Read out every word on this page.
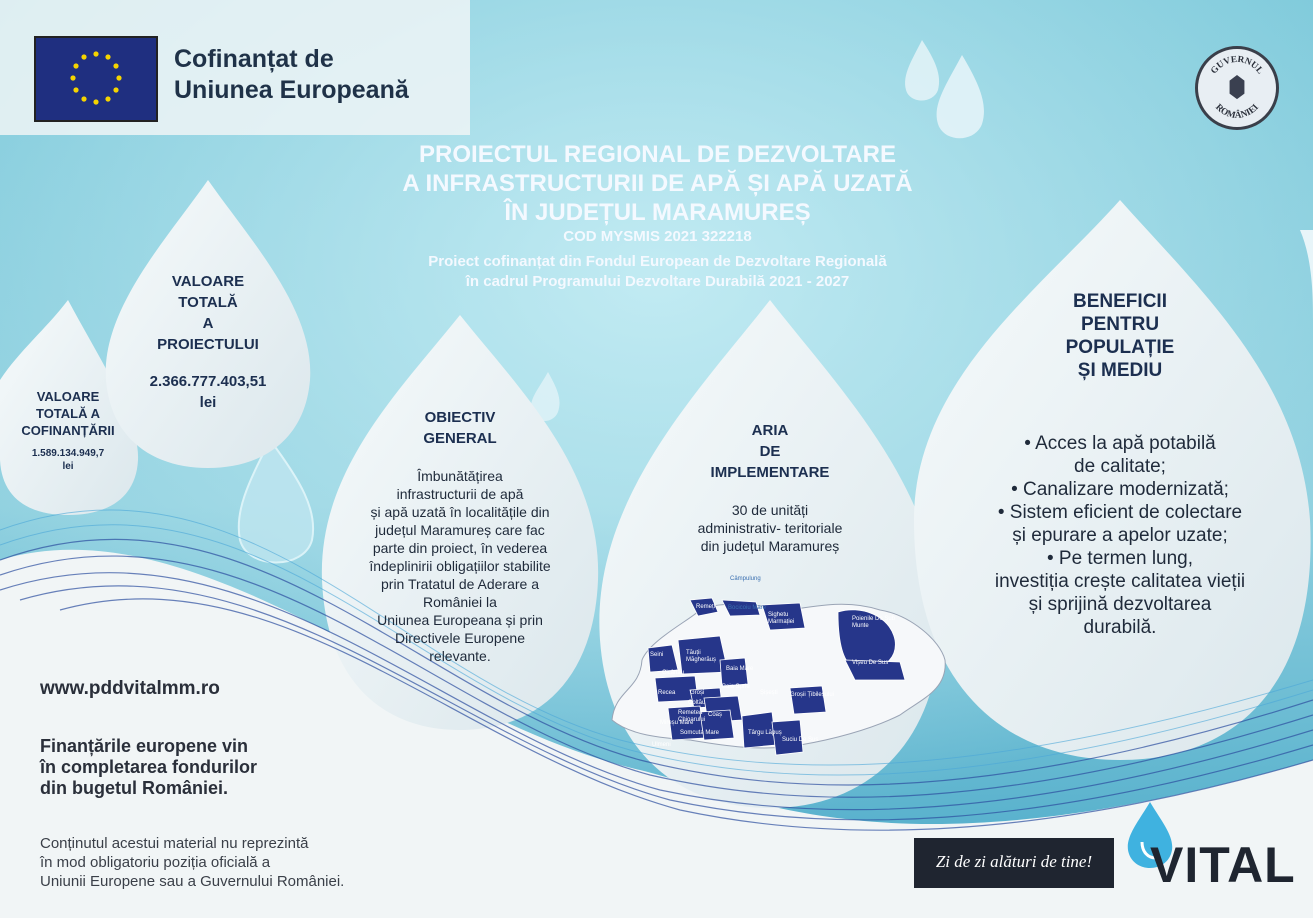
Cofinanțat de
Uniunea Europeană
GUVERNUL
ROMÂNIEI
PROIECTUL REGIONAL DE DEZVOLTARE
A INFRASTRUCTURII DE APĂ ȘI APĂ UZATĂ
ÎN JUDEȚUL MARAMUREȘ
COD MYSMIS 2021 322218
Proiect cofinanțat din Fondul European de Dezvoltare Regională
în cadrul Programului Dezvoltare Durabilă 2021 - 2027
VALOARE
TOTALĂ A
COFINANȚĂRII
1.589.134.949,7
lei
VALOARE
TOTALĂ
A
PROIECTULUI
2.366.777.403,51
lei
OBIECTIV
GENERAL
Îmbunătățirea
infrastructurii de apă
și apă uzată în localitățile din
județul Maramureș care fac
parte din proiect, în vederea
îndeplinirii obligațiilor stabilite
prin Tratatul de Aderare a
României la
Uniunea Europeana și prin
Directivele Europene
relevante.
ARIA
DE
IMPLEMENTARE
30 de unități
administrativ- teritoriale
din județul Maramureș
Câmpulung
Remeți Bocicoiu Mare
Sighetu Marmației	Poienile De Sub Munte
Seini	Tăuții Măgherăuș
Baia Mare
Baia Sprie
Vișeu De Sus
Cicârlău
Recea Groși
Coltău
Șișești
Remetea Chioarului
Coaș
Groșii Țibileșului
Mireșu Mare
Somcuta Mare
Ulmeni
Târgu Lăpuș
Suciu De Sus
BENEFICII
PENTRU
POPULAȚIE
ȘI MEDIU
• Acces la apă potabilă
de calitate;
• Canalizare modernizată;
• Sistem eficient de colectare
și epurare a apelor uzate;
• Pe termen lung,
investiția crește calitatea vieții
și sprijină dezvoltarea
durabilă.
www.pddvitalmm.ro
Finanțările europene vin
în completarea fondurilor
din bugetul României.
Conținutul acestui material nu reprezintă
în mod obligatoriu poziția oficială a
Uniunii Europene sau a Guvernului României.
Zi de zi alături de tine!	VITAL
